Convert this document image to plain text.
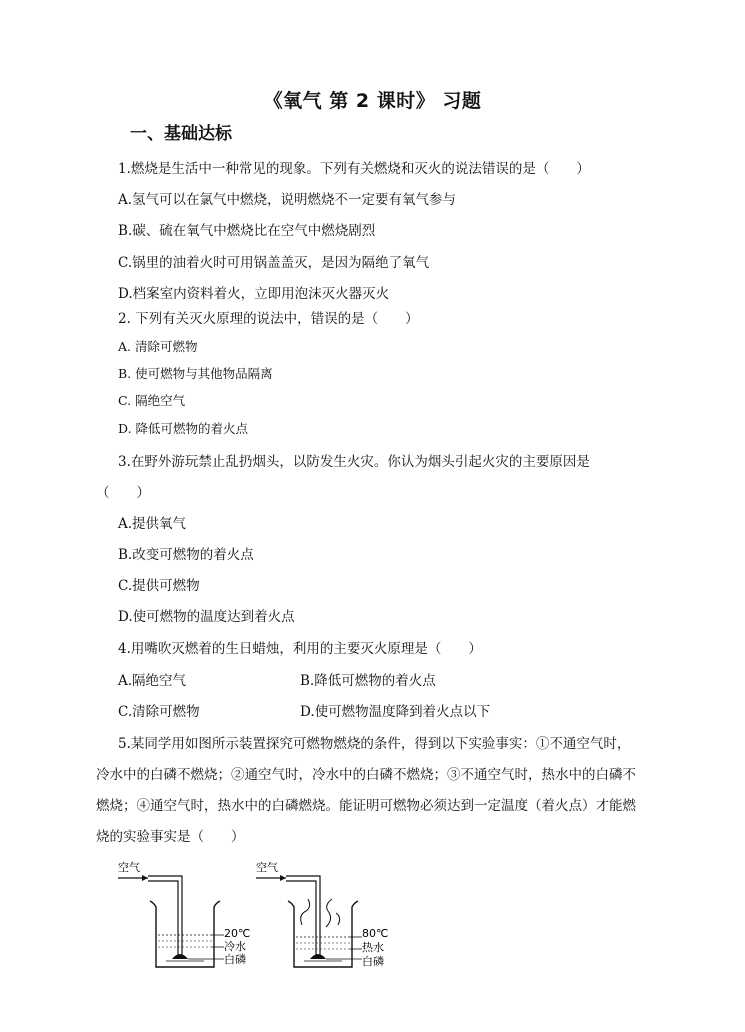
《氧气 第 2 课时》 习题
一、基础达标
1.燃烧是生活中一种常见的现象。下列有关燃烧和灭火的说法错误的是（　　）
A.氢气可以在氯气中燃烧，说明燃烧不一定要有氧气参与
B.碳、硫在氧气中燃烧比在空气中燃烧剧烈
C.锅里的油着火时可用锅盖盖灭，是因为隔绝了氧气
D.档案室内资料着火，立即用泡沫灭火器灭火
2. 下列有关灭火原理的说法中，错误的是（　　）
A. 清除可燃物
B. 使可燃物与其他物品隔离
C. 隔绝空气
D. 降低可燃物的着火点
3.在野外游玩禁止乱扔烟头，以防发生火灾。你认为烟头引起火灾的主要原因是
（　　）
A.提供氧气
B.改变可燃物的着火点
C.提供可燃物
D.使可燃物的温度达到着火点
4.用嘴吹灭燃着的生日蜡烛，利用的主要灭火原理是（　　）
A.隔绝空气	B.降低可燃物的着火点
C.清除可燃物	D.使可燃物温度降到着火点以下
5.某同学用如图所示装置探究可燃物燃烧的条件，得到以下实验事实：①不通空气时，
冷水中的白磷不燃烧；②通空气时，冷水中的白磷不燃烧；③不通空气时，热水中的白磷不
燃烧；④通空气时，热水中的白磷燃烧。能证明可燃物必须达到一定温度（着火点）才能燃
烧的实验事实是（　　）
空气
20℃
冷水
白磷
空气
80℃
热水
白磷
